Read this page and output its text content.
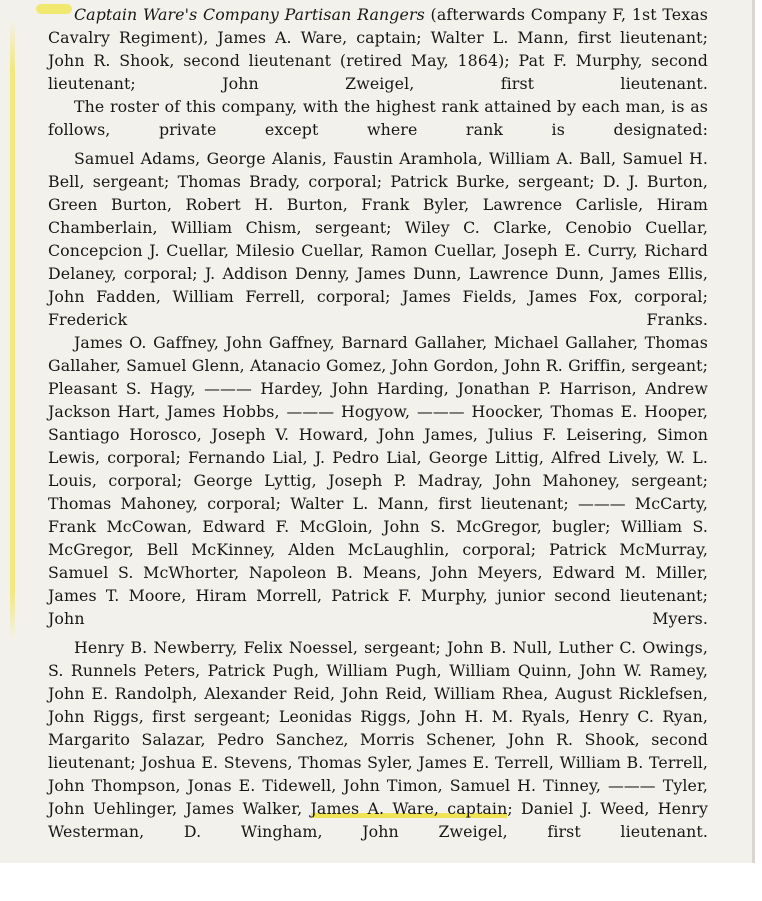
Captain Ware's Company Partisan Rangers (afterwards Company F, 1st Texas Cavalry Regiment), James A. Ware, captain; Walter L. Mann, first lieutenant; John R. Shook, second lieutenant (retired May, 1864); Pat F. Murphy, second lieutenant; John Zweigel, first lieutenant.

The roster of this company, with the highest rank attained by each man, is as follows, private except where rank is designated:

Samuel Adams, George Alanis, Faustin Aramhola, William A. Ball, Samuel H. Bell, sergeant; Thomas Brady, corporal; Patrick Burke, sergeant; D. J. Burton, Green Burton, Robert H. Burton, Frank Byler, Lawrence Carlisle, Hiram Chamberlain, William Chism, sergeant; Wiley C. Clarke, Cenobio Cuellar, Concepcion J. Cuellar, Milesio Cuellar, Ramon Cuellar, Joseph E. Curry, Richard Delaney, corporal; J. Addison Denny, James Dunn, Lawrence Dunn, James Ellis, John Fadden, William Ferrell, corporal; James Fields, James Fox, corporal; Frederick Franks.

James O. Gaffney, John Gaffney, Barnard Gallaher, Michael Gallaher, Thomas Gallaher, Samuel Glenn, Atanacio Gomez, John Gordon, John R. Griffin, sergeant; Pleasant S. Hagy, ——— Hardey, John Harding, Jonathan P. Harrison, Andrew Jackson Hart, James Hobbs, ——— Hogyow, ——— Hoocker, Thomas E. Hooper, Santiago Horosco, Joseph V. Howard, John James, Julius F. Leisering, Simon Lewis, corporal; Fernando Lial, J. Pedro Lial, George Littig, Alfred Lively, W. L. Louis, corporal; George Lyttig, Joseph P. Madray, John Mahoney, sergeant; Thomas Mahoney, corporal; Walter L. Mann, first lieutenant; ——— McCarty, Frank McCowan, Edward F. McGloin, John S. McGregor, bugler; William S. McGregor, Bell McKinney, Alden McLaughlin, corporal; Patrick McMurray, Samuel S. McWhorter, Napoleon B. Means, John Meyers, Edward M. Miller, James T. Moore, Hiram Morrell, Patrick F. Murphy, junior second lieutenant; John Myers.

Henry B. Newberry, Felix Noessel, sergeant; John B. Null, Luther C. Owings, S. Runnels Peters, Patrick Pugh, William Pugh, William Quinn, John W. Ramey, John E. Randolph, Alexander Reid, John Reid, William Rhea, August Ricklefsen, John Riggs, first sergeant; Leonidas Riggs, John H. M. Ryals, Henry C. Ryan, Margarito Salazar, Pedro Sanchez, Morris Schener, John R. Shook, second lieutenant; Joshua E. Stevens, Thomas Syler, James E. Terrell, William B. Terrell, John Thompson, Jonas E. Tidewell, John Timon, Samuel H. Tinney, ——— Tyler, John Uehlinger, James Walker, James A. Ware, captain; Daniel J. Weed, Henry Westerman, D. Wingham, John Zweigel, first lieutenant.
